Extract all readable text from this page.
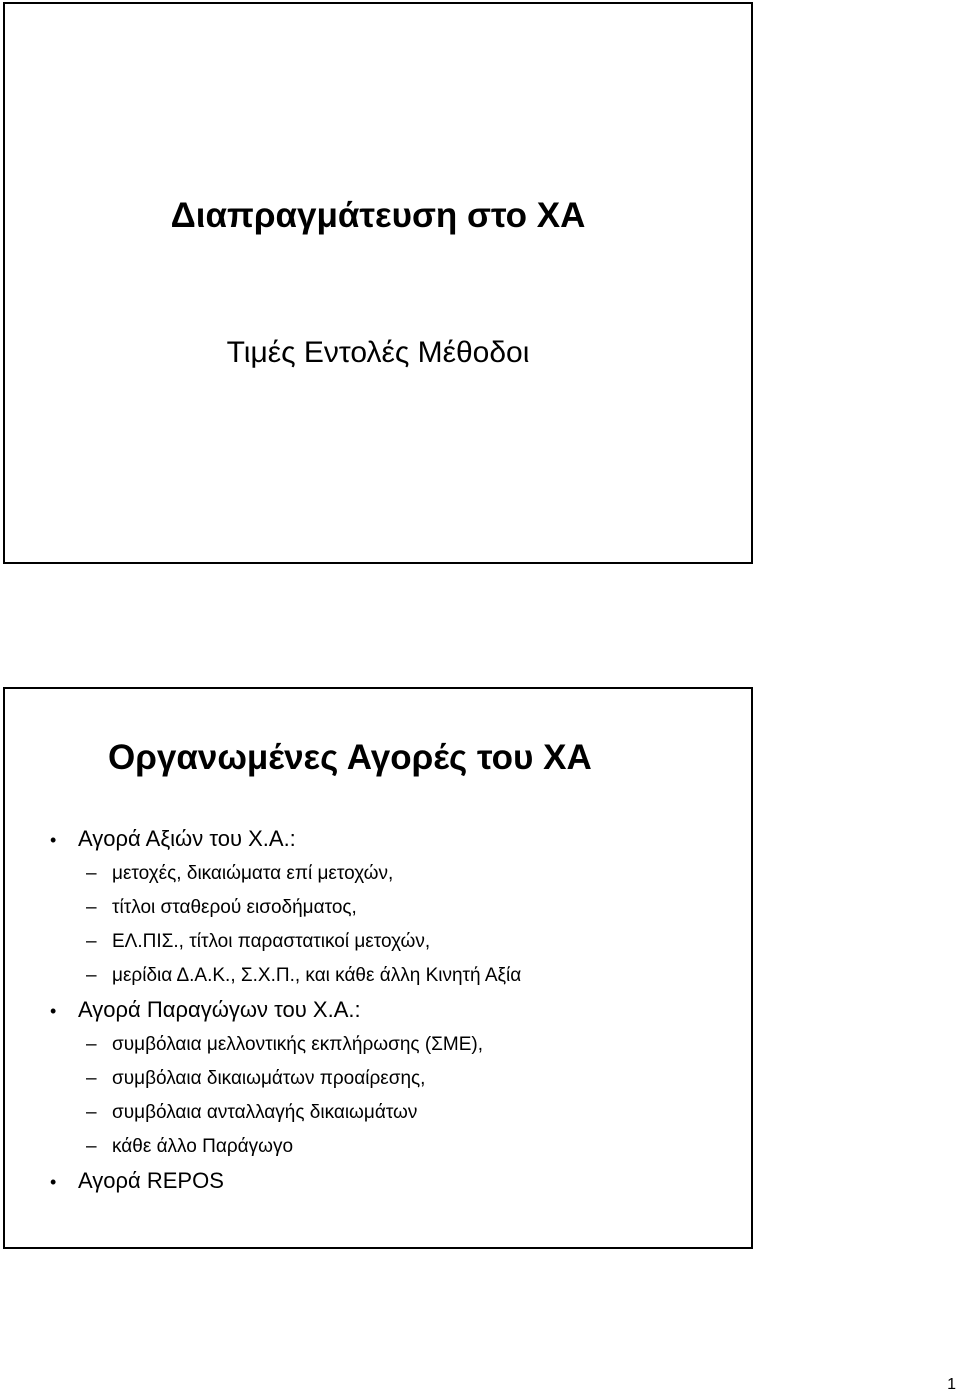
Διαπραγμάτευση στο ΧΑ

Τιμές Εντολές Μέθοδοι

Οργανωμένες Αγορές του ΧΑ
• Αγορά Αξιών του Χ.Α.:
– μετοχές, δικαιώματα επί μετοχών,
– τίτλοι σταθερού εισοδήματος,
– ΕΛ.ΠΙΣ., τίτλοι παραστατικοί μετοχών,
– μερίδια Δ.Α.Κ., Σ.Χ.Π., και κάθε άλλη Κινητή Αξία
• Αγορά Παραγώγων του Χ.Α.:
– συμβόλαια μελλοντικής εκπλήρωσης (ΣΜΕ),
– συμβόλαια δικαιωμάτων προαίρεσης,
– συμβόλαια ανταλλαγής δικαιωμάτων
– κάθε άλλο Παράγωγο
• Αγορά REPOS

1
